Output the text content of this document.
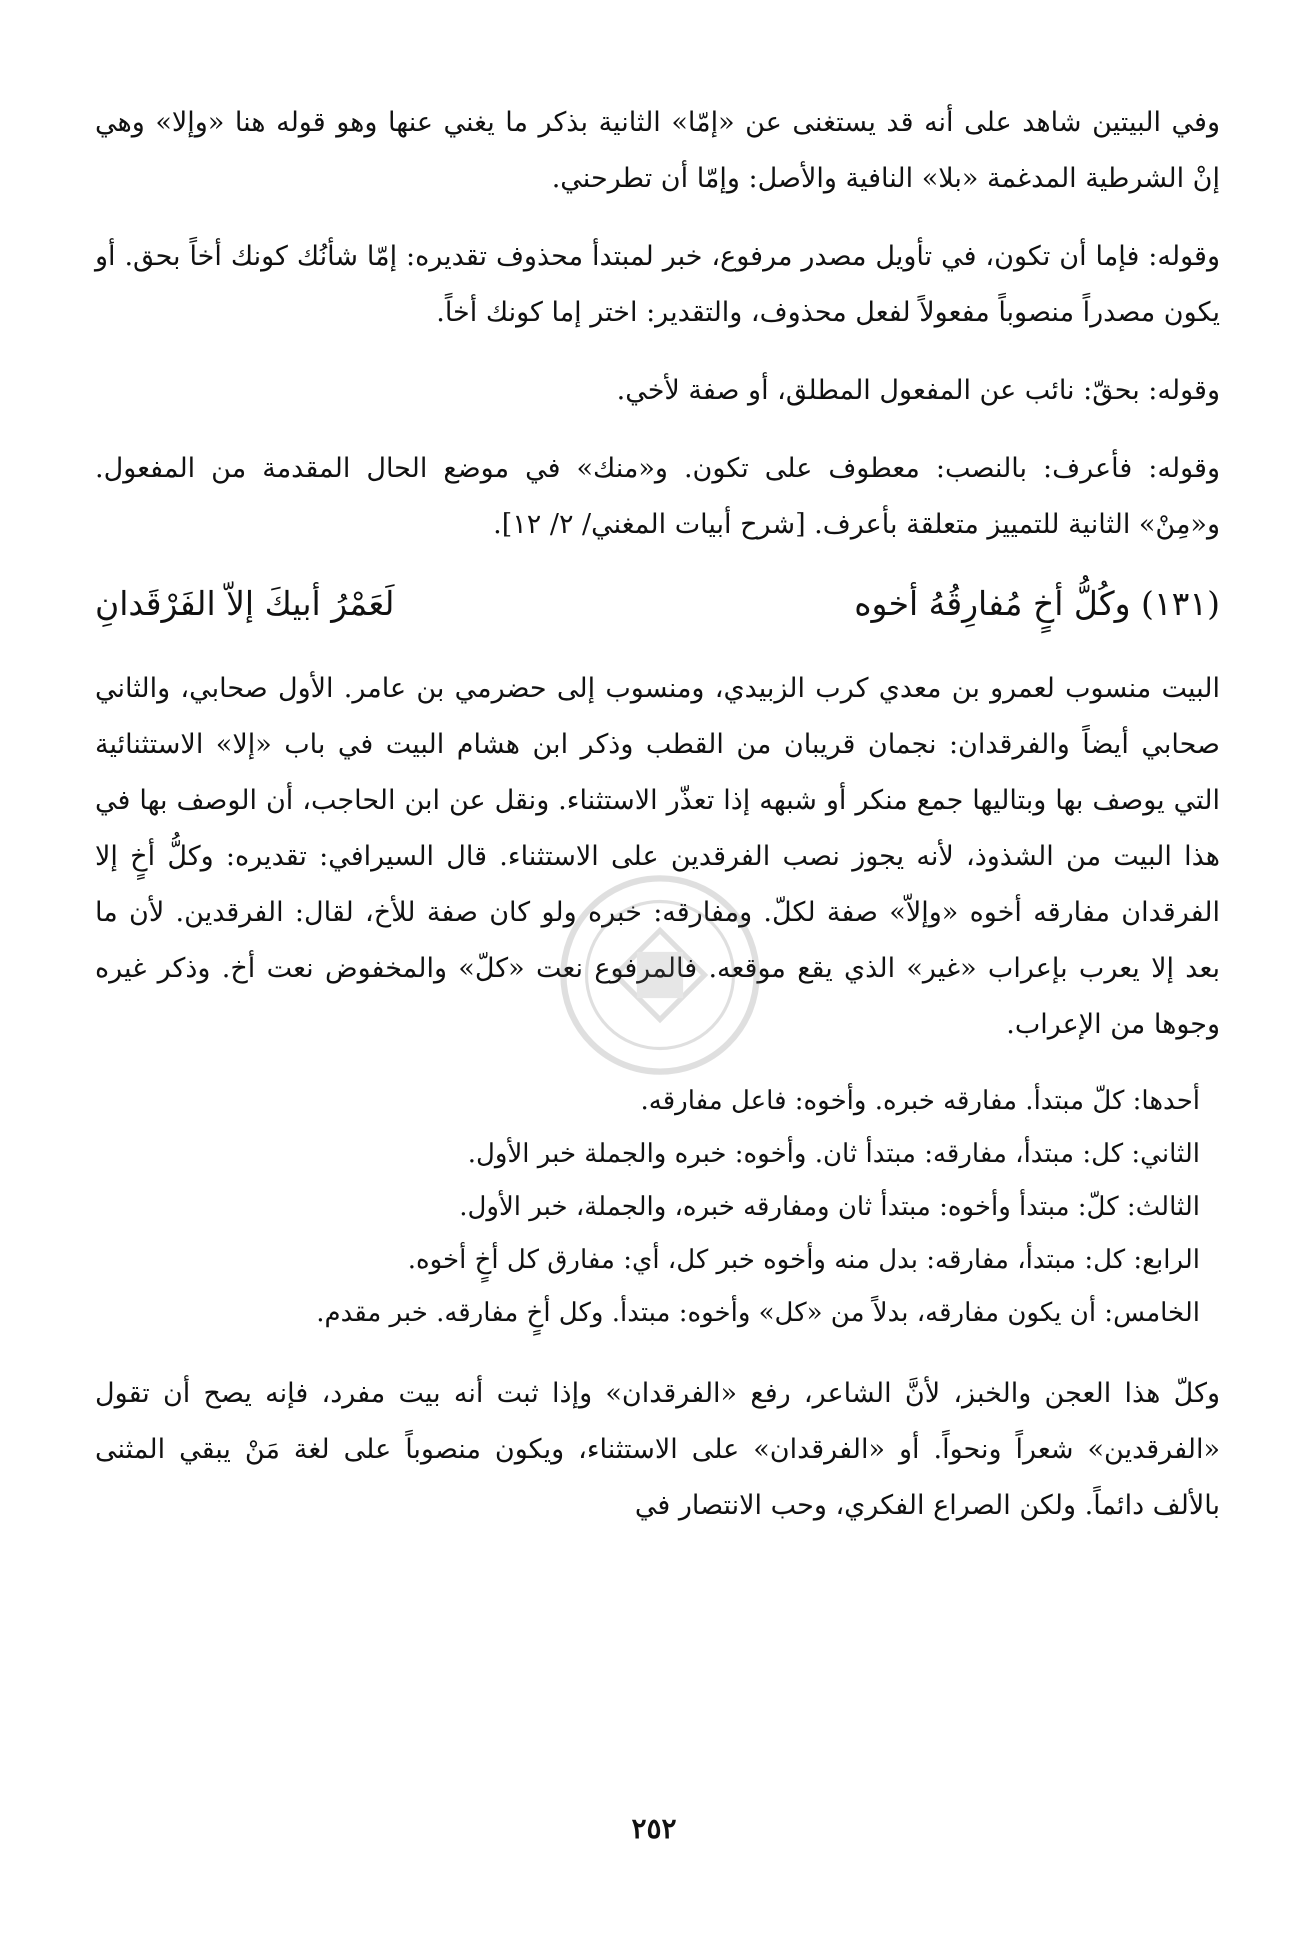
وفي البيتين شاهد على أنه قد يستغنى عن «إمّا» الثانية بذكر ما يغني عنها وهو قوله هنا «وإلا» وهي إنْ الشرطية المدغمة «بلا» النافية والأصل: وإمّا أن تطرحني.

وقوله: فإما أن تكون، في تأويل مصدر مرفوع، خبر لمبتدأ محذوف تقديره: إمّا شأنُك كونك أخاً بحق. أو يكون مصدراً منصوباً مفعولاً لفعل محذوف، والتقدير: اختر إما كونك أخاً.

وقوله: بحقّ: نائب عن المفعول المطلق، أو صفة لأخي.

وقوله: فأعرف: بالنصب: معطوف على تكون. و«منك» في موضع الحال المقدمة من المفعول. و«مِنْ» الثانية للتمييز متعلقة بأعرف. [شرح أبيات المغني/ ٢/ ١٢].

(١٣١) وكُلُّ أخٍ مُفارِقُهُ أخوه
لَعَمْرُ أبيكَ إلاّ الفَرْقَدانِ

البيت منسوب لعمرو بن معدي كرب الزبيدي، ومنسوب إلى حضرمي بن عامر. الأول صحابي، والثاني صحابي أيضاً والفرقدان: نجمان قريبان من القطب وذكر ابن هشام البيت في باب «إلا» الاستثنائية التي يوصف بها وبتاليها جمع منكر أو شبهه إذا تعذّر الاستثناء. ونقل عن ابن الحاجب، أن الوصف بها في هذا البيت من الشذوذ، لأنه يجوز نصب الفرقدين على الاستثناء. قال السيرافي: تقديره: وكلُّ أخٍ إلا الفرقدان مفارقه أخوه «وإلاّ» صفة لكلّ. ومفارقه: خبره ولو كان صفة للأخ، لقال: الفرقدين. لأن ما بعد إلا يعرب بإعراب «غير» الذي يقع موقعه. فالمرفوع نعت «كلّ» والمخفوض نعت أخ. وذكر غيره وجوها من الإعراب.

أحدها: كلّ مبتدأ. مفارقه خبره. وأخوه: فاعل مفارقه.
الثاني: كل: مبتدأ، مفارقه: مبتدأ ثان. وأخوه: خبره والجملة خبر الأول.
الثالث: كلّ: مبتدأ وأخوه: مبتدأ ثان ومفارقه خبره، والجملة، خبر الأول.
الرابع: كل: مبتدأ، مفارقه: بدل منه وأخوه خبر كل، أي: مفارق كل أخٍ أخوه.
الخامس: أن يكون مفارقه، بدلاً من «كل» وأخوه: مبتدأ. وكل أخٍ مفارقه. خبر مقدم.

وكلّ هذا العجن والخبز، لأنَّ الشاعر، رفع «الفرقدان» وإذا ثبت أنه بيت مفرد، فإنه يصح أن تقول «الفرقدين» شعراً ونحواً. أو «الفرقدان» على الاستثناء، ويكون منصوباً على لغة مَنْ يبقي المثنى بالألف دائماً. ولكن الصراع الفكري، وحب الانتصار في

٢٥٢
